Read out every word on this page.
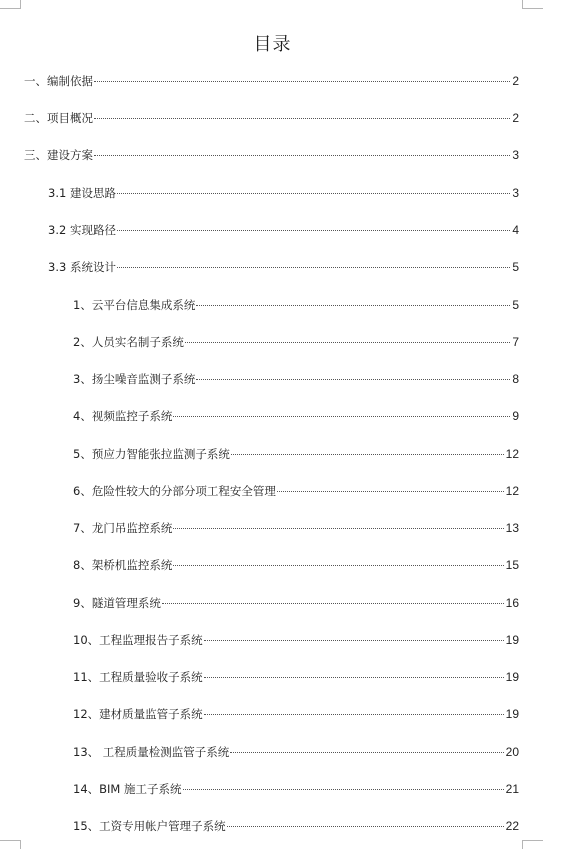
目录
一、编制依据	2
二、项目概况	2
三、建设方案	3
3.1 建设思路	3
3.2 实现路径	4
3.3 系统设计	5
1、云平台信息集成系统	5
2、人员实名制子系统	7
3、扬尘噪音监测子系统	8
4、视频监控子系统	9
5、预应力智能张拉监测子系统	12
6、危险性较大的分部分项工程安全管理	12
7、龙门吊监控系统	13
8、架桥机监控系统	15
9、隧道管理系统	16
10、工程监理报告子系统	19
11、工程质量验收子系统	19
12、建材质量监管子系统	19
13、 工程质量检测监管子系统	20
14、BIM 施工子系统	21
15、工资专用帐户管理子系统	22
